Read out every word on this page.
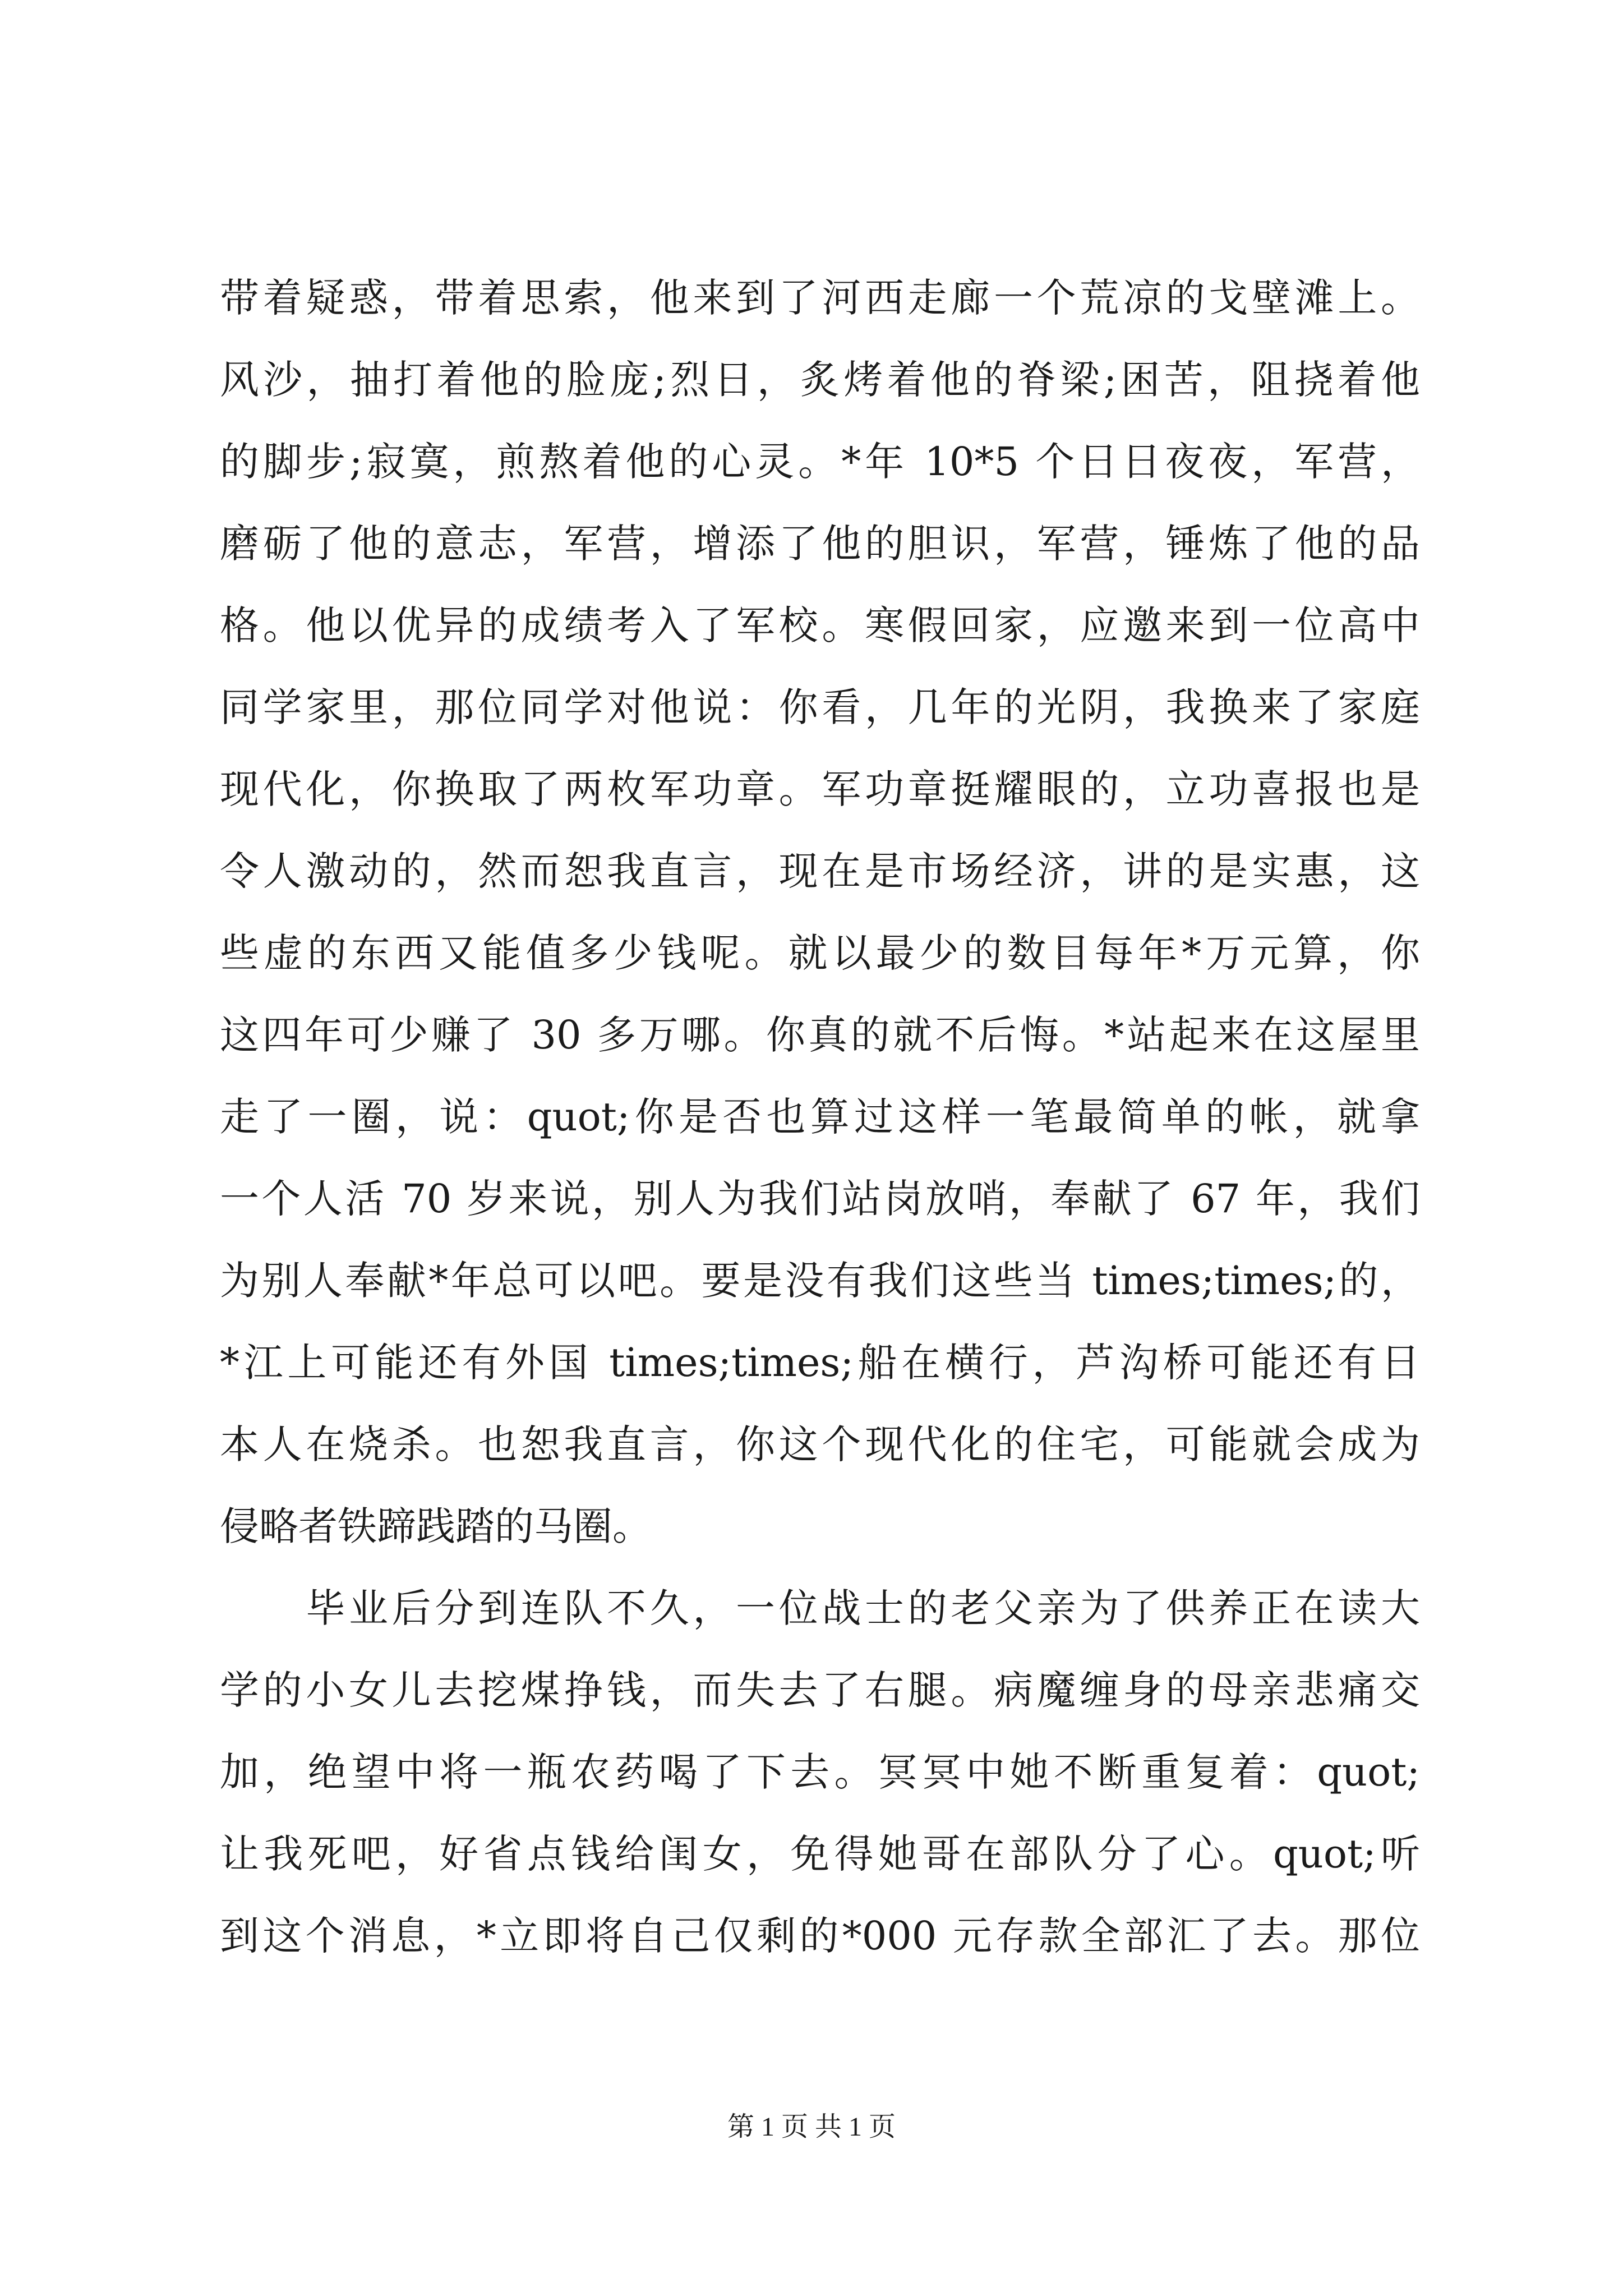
带着疑惑，带着思索，他来到了河西走廊一个荒凉的戈壁滩上。
风沙，抽打着他的脸庞;烈日，炙烤着他的脊梁;困苦，阻挠着他
的脚步;寂寞，煎熬着他的心灵。*年 10*5 个日日夜夜，军营，
磨砺了他的意志，军营，增添了他的胆识，军营，锤炼了他的品
格。他以优异的成绩考入了军校。寒假回家，应邀来到一位高中
同学家里，那位同学对他说：你看，几年的光阴，我换来了家庭
现代化，你换取了两枚军功章。军功章挺耀眼的，立功喜报也是
令人激动的，然而恕我直言，现在是市场经济，讲的是实惠，这
些虚的东西又能值多少钱呢。就以最少的数目每年*万元算，你
这四年可少赚了 30 多万哪。你真的就不后悔。*站起来在这屋里
走了一圈，说：quot;你是否也算过这样一笔最简单的帐，就拿
一个人活 70 岁来说，别人为我们站岗放哨，奉献了 67 年，我们
为别人奉献*年总可以吧。要是没有我们这些当 times;times;的，
*江上可能还有外国 times;times;船在横行，芦沟桥可能还有日
本人在烧杀。也恕我直言，你这个现代化的住宅，可能就会成为
侵略者铁蹄践踏的马圈。
　　毕业后分到连队不久，一位战士的老父亲为了供养正在读大
学的小女儿去挖煤挣钱，而失去了右腿。病魔缠身的母亲悲痛交
加，绝望中将一瓶农药喝了下去。冥冥中她不断重复着：quot;
让我死吧，好省点钱给闺女，免得她哥在部队分了心。quot;听
到这个消息，*立即将自己仅剩的*000 元存款全部汇了去。那位
第 1 页 共 1 页
